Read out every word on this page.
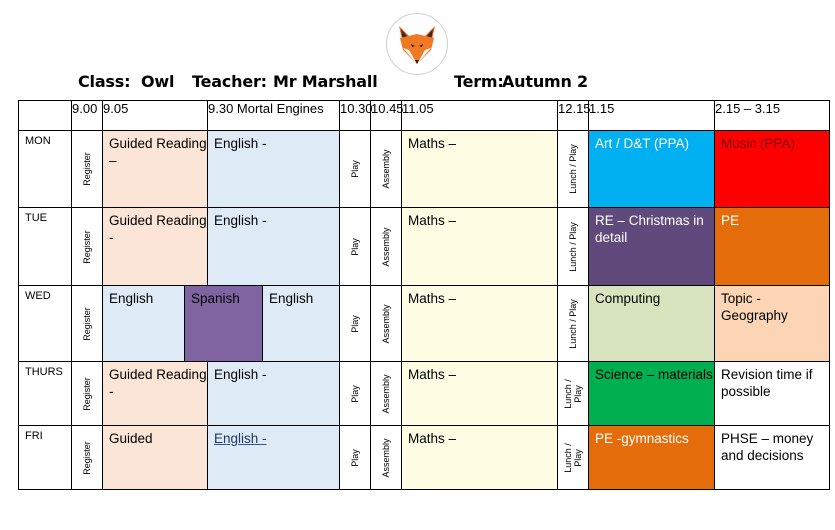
Class: Owl Teacher: Mr Marshall	Term:
Autumn 2
	9.00	9.05		9.30 Mortal Engines		10.30	10.45	11.05	12.15	1.15	2.15 – 3.15
MON	Register	Guided Reading –		English -		Play	Assembly	Maths –	Lunch / Play	Art / D&T (PPA)	Music (PPA)
TUE	Register	Guided Reading -		English -		Play	Assembly	Maths –	Lunch / Play	RE – Christmas in detail	PE
WED	Register	English	Spanish		English	Play	Assembly	Maths –	Lunch / Play	Computing	Topic - Geography
THURS	Register	Guided Reading -		English -		Play	Assembly	Maths –	Lunch / Play	Science – materials	Revision time if possible
FRI	Register	Guided		English -		Play	Assembly	Maths –	Lunch / Play	PE -gymnastics	PHSE – money and decisions
